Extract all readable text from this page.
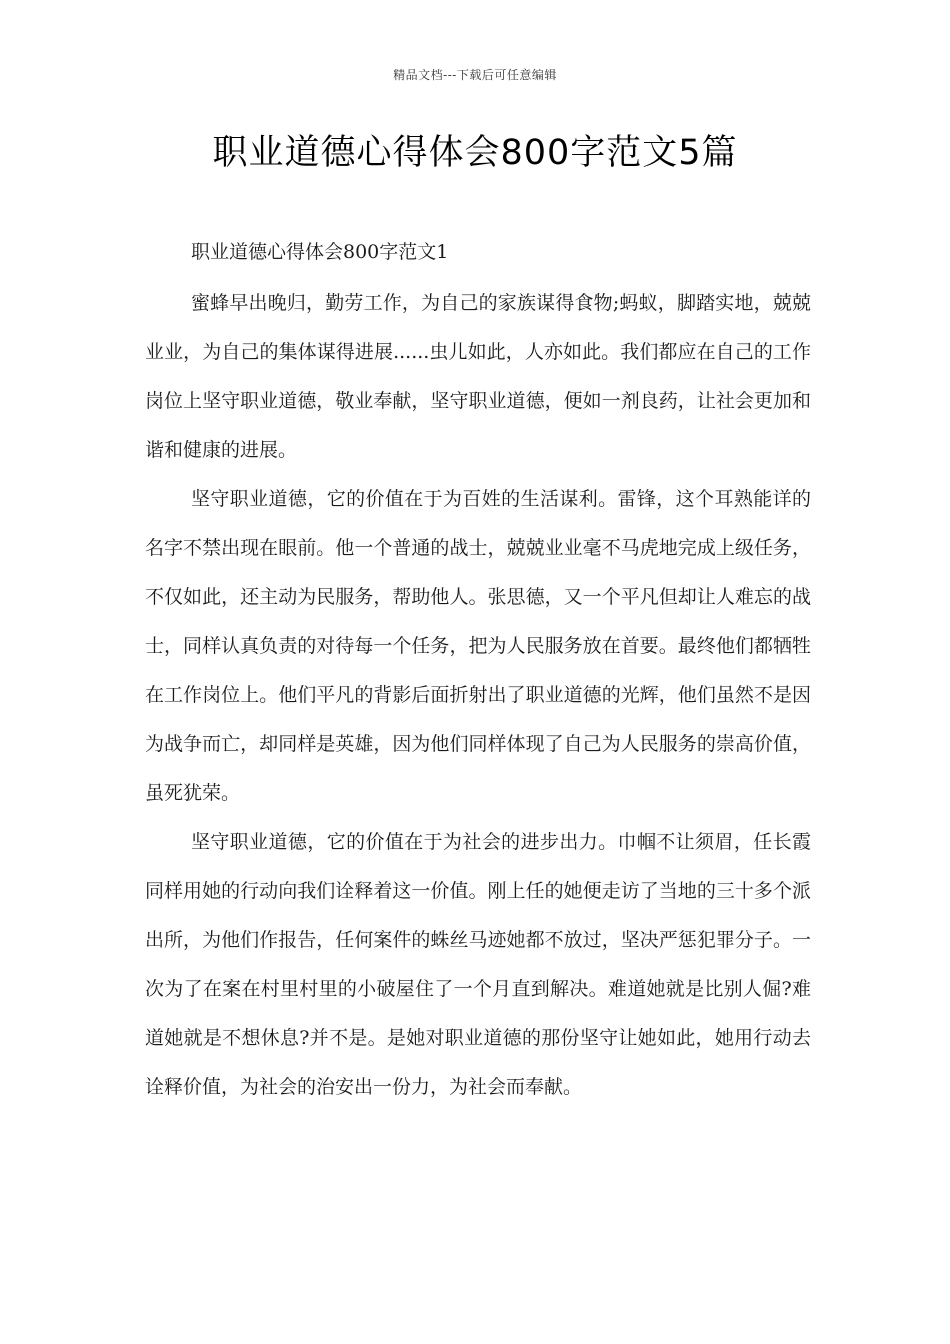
精品文档---下载后可任意编辑
职业道德心得体会800字范文5篇

职业道德心得体会800字范文1

蜜蜂早出晚归，勤劳工作，为自己的家族谋得食物;蚂蚁，脚踏实地，兢兢业业，为自己的集体谋得进展......虫儿如此，人亦如此。我们都应在自己的工作岗位上坚守职业道德，敬业奉献，坚守职业道德，便如一剂良药，让社会更加和谐和健康的进展。

坚守职业道德，它的价值在于为百姓的生活谋利。雷锋，这个耳熟能详的名字不禁出现在眼前。他一个普通的战士，兢兢业业毫不马虎地完成上级任务，不仅如此，还主动为民服务，帮助他人。张思德，又一个平凡但却让人难忘的战士，同样认真负责的对待每一个任务，把为人民服务放在首要。最终他们都牺牲在工作岗位上。他们平凡的背影后面折射出了职业道德的光辉，他们虽然不是因为战争而亡，却同样是英雄，因为他们同样体现了自己为人民服务的崇高价值，虽死犹荣。

坚守职业道德，它的价值在于为社会的进步出力。巾帼不让须眉，任长霞同样用她的行动向我们诠释着这一价值。刚上任的她便走访了当地的三十多个派出所，为他们作报告，任何案件的蛛丝马迹她都不放过，坚决严惩犯罪分子。一次为了在案在村里村里的小破屋住了一个月直到解决。难道她就是比别人倔?难道她就是不想休息?并不是。是她对职业道德的那份坚守让她如此，她用行动去诠释价值，为社会的治安出一份力，为社会而奉献。
